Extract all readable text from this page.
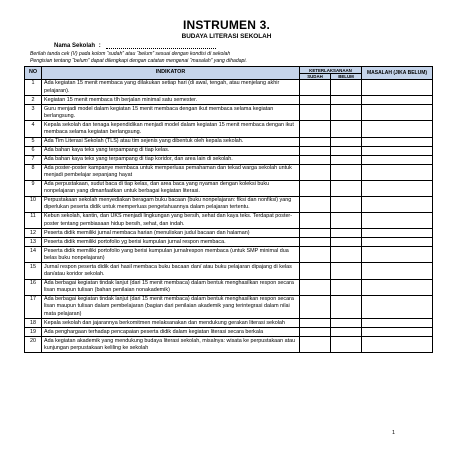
INSTRUMEN 3.
BUDAYA LITERASI SEKOLAH
Nama Sekolah :
Berilah tanda cek (V) pada kolom “sudah” atau “belum” sesuai dengan kondisi di sekolah
Pengisian tentang “belum” dapat dilengkapi dengan catatan mengenai “masalah” yang dihadapi.
NO	INDIKATOR	KETERLAKSANAAN		MASALAH (JIKA BELUM)
		SUDAH	BELUM	
1	Ada kegiatan 15 menit membaca yang dilakukan setiap hari (di awal, tengah, atau menjelang akhir pelajaran).			
2	Kegiatan 15 menit membaca tlh berjalan minimal satu semester.			
3	Guru menjadi model dalam kegiatan 15 menit membaca dengan ikut membaca selama kegiatan berlangsung.			
4	Kepala sekolah dan tenaga kependidikan menjadi model dalam kegiatan 15 menit membaca dengan ikut membaca selama kegiatan berlangsung.			
5	Ada Tim Literasi Sekolah (TLS) atau tim sejenis yang dibentuk oleh kepala sekolah.			
6	Ada bahan kaya teks yang terpampang di tiap kelas.			
7	Ada bahan kaya teks yang terpampang di tiap koridor, dan area lain di sekolah.			
8	Ada poster-poster kampanye membaca untuk memperluas pemahaman dan tekad warga sekolah untuk menjadi pembelajar sepanjang hayat			
9	Ada perpustakaan, sudut baca di tiap kelas, dan area baca yang nyaman dengan koleksi buku nonpelajaran yang dimanfaatkan untuk berbagai kegiatan literasi.			
10	Perpustakaan sekolah menyediakan beragam buku bacaan (buku nonpelajaran: fiksi dan nonfiksi) yang diperlukan peserta didik untuk memperluas pengetahuannya dalam pelajaran tertentu.			
11	Kebun sekolah, kantin, dan UKS menjadi lingkungan yang bersih, sehat dan kaya teks. Terdapat poster-poster tentang pembiasaan hidup bersih, sehat, dan indah.			
12	Peserta didik memiliki jurnal membaca harian (menuliskan judul bacaan dan halaman)			
13	Peserta didik memiliki portofolio yg berisi kumpulan jurnal respon membaca.			
14	Peserta didik memiliki portofolio yang berisi kumpulan jurnalrespon membaca (untuk SMP minimal dua belas buku nonpelajaran)			
15	Jurnal respon peserta didik dari hasil membaca buku bacaan dan/ atau buku pelajaran dipajang di kelas dan/atau koridor sekolah.			
16	Ada berbagai kegiatan tindak lanjut (dari 15 menit membaca) dalam bentuk menghasilkan respon secara lisan maupun tulisan (bahan penilaian nonakademik)			
17	Ada berbagai kegiatan tindak lanjut (dari 15 menit membaca) dalam bentuk menghasilkan respon secara lisan maupun tulisan dalam pembelajaran (bagian dari penilaian akademik yang terintegrasi dalam nilai mata pelajaran)			
18	Kepala sekolah dan jajarannya berkomitmen melaksanakan dan mendukung gerakan literasi sekolah			
19	Ada penghargaan terhadap pencapaian peserta didik dalam kegiatan literasi secara berkala			
20	Ada kegiatan akademik yang mendukung budaya literasi sekolah, misalnya: wisata ke perpustakaan atau kunjungan perpustakaan keliling ke sekolah			
1
